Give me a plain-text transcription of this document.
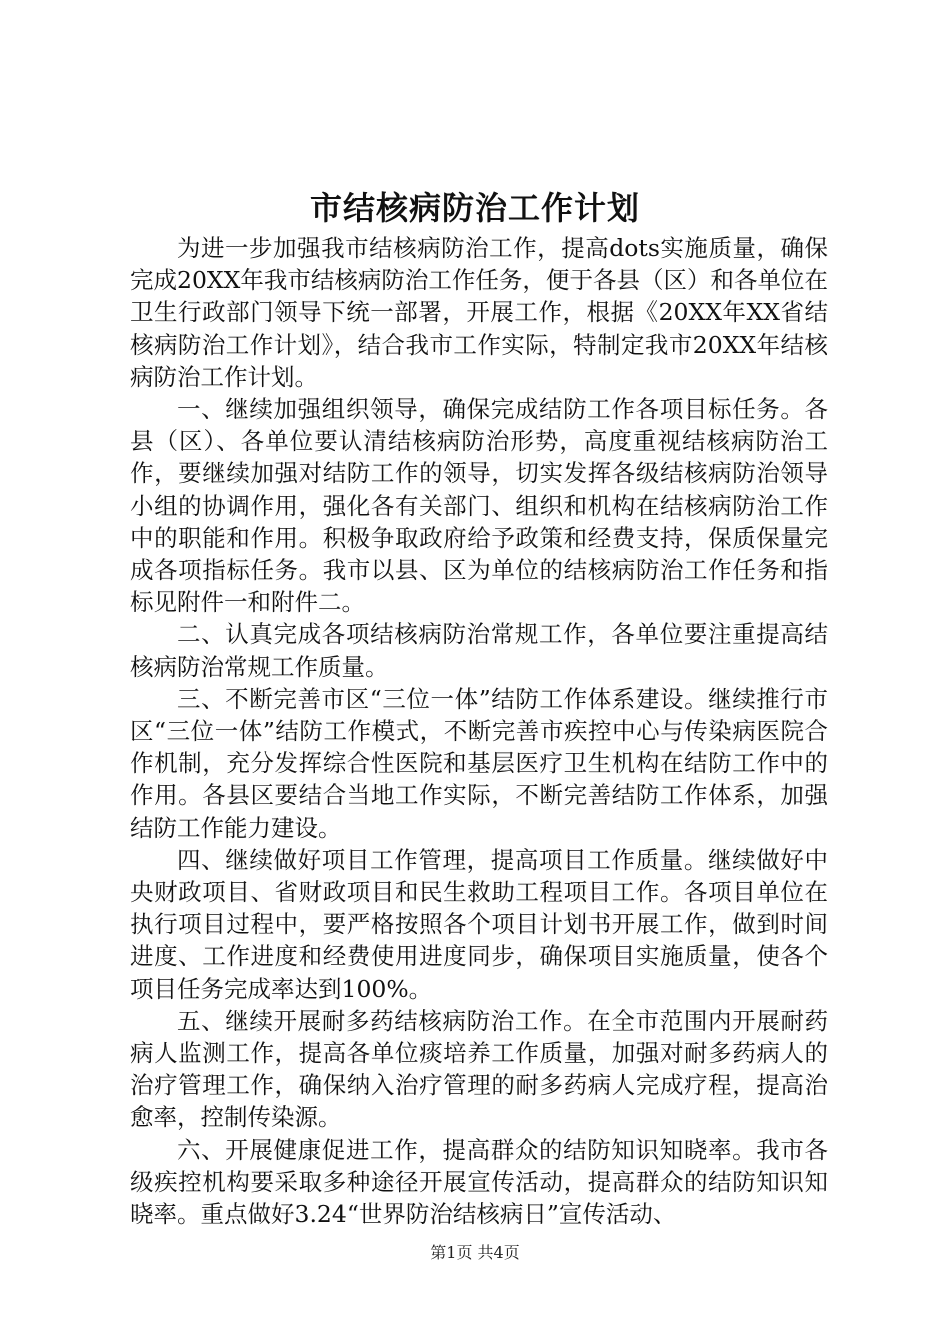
市结核病防治工作计划

为进一步加强我市结核病防治工作，提高dots实施质量，确保完成20XX年我市结核病防治工作任务，便于各县（区）和各单位在卫生行政部门领导下统一部署，开展工作，根据《20XX年XX省结核病防治工作计划》，结合我市工作实际，特制定我市20XX年结核病防治工作计划。

一、继续加强组织领导，确保完成结防工作各项目标任务。各县（区）、各单位要认清结核病防治形势，高度重视结核病防治工作，要继续加强对结防工作的领导，切实发挥各级结核病防治领导小组的协调作用，强化各有关部门、组织和机构在结核病防治工作中的职能和作用。积极争取政府给予政策和经费支持，保质保量完成各项指标任务。我市以县、区为单位的结核病防治工作任务和指标见附件一和附件二。

二、认真完成各项结核病防治常规工作，各单位要注重提高结核病防治常规工作质量。

三、不断完善市区“三位一体”结防工作体系建设。继续推行市区“三位一体”结防工作模式，不断完善市疾控中心与传染病医院合作机制，充分发挥综合性医院和基层医疗卫生机构在结防工作中的作用。各县区要结合当地工作实际，不断完善结防工作体系，加强结防工作能力建设。

四、继续做好项目工作管理，提高项目工作质量。继续做好中央财政项目、省财政项目和民生救助工程项目工作。各项目单位在执行项目过程中，要严格按照各个项目计划书开展工作，做到时间进度、工作进度和经费使用进度同步，确保项目实施质量，使各个项目任务完成率达到100%。

五、继续开展耐多药结核病防治工作。在全市范围内开展耐药病人监测工作，提高各单位痰培养工作质量，加强对耐多药病人的治疗管理工作，确保纳入治疗管理的耐多药病人完成疗程，提高治愈率，控制传染源。

六、开展健康促进工作，提高群众的结防知识知晓率。我市各级疾控机构要采取多种途径开展宣传活动，提高群众的结防知识知晓率。重点做好3.24“世界防治结核病日”宣传活动、

第1页 共4页
